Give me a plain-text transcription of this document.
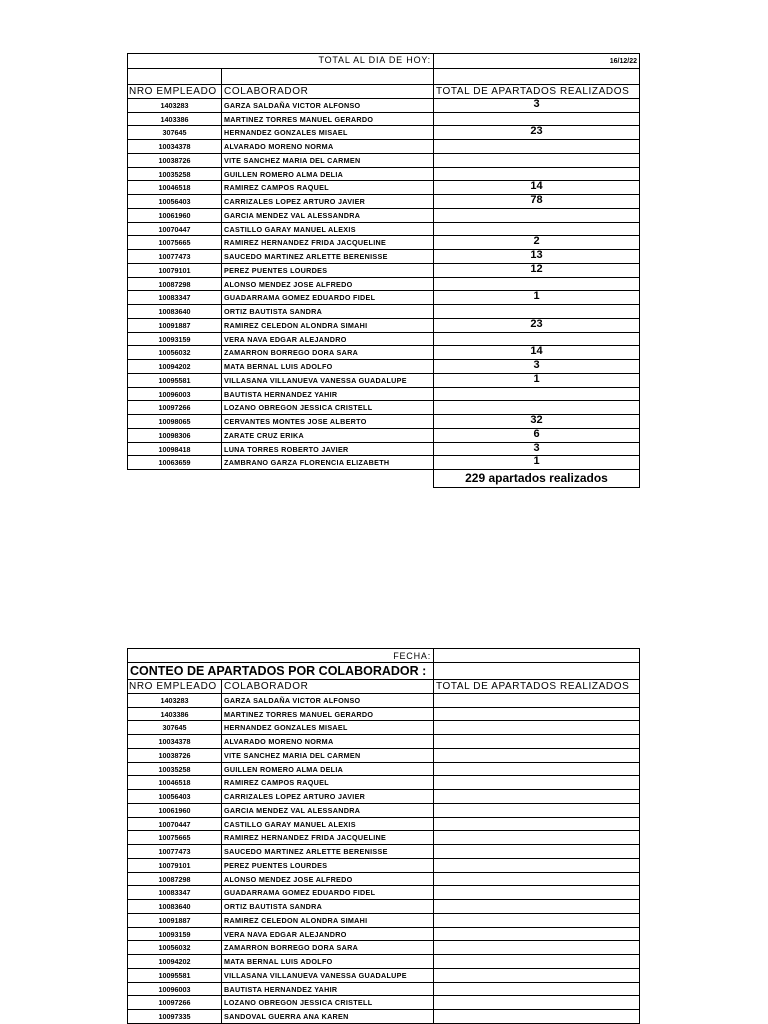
TOTAL AL DIA DE HOY:	16/12/22
NRO EMPLEADO COLABORADOR	TOTAL DE APARTADOS REALIZADOS
1403283	GARZA SALDAÑA VICTOR ALFONSO	3
1403386	MARTINEZ TORRES MANUEL GERARDO
307645	HERNANDEZ GONZALES MISAEL	23
10034378	ALVARADO MORENO NORMA
10038726	VITE SANCHEZ MARIA DEL CARMEN
10035258	GUILLEN ROMERO ALMA DELIA
10046518	RAMIREZ CAMPOS RAQUEL	14
10056403	CARRIZALES LOPEZ ARTURO JAVIER	78
10061960	GARCIA MENDEZ VAL ALESSANDRA
10070447	CASTILLO GARAY MANUEL ALEXIS
10075665	RAMIREZ HERNANDEZ FRIDA JACQUELINE	2
10077473	SAUCEDO MARTINEZ ARLETTE BERENISSE	13
10079101	PEREZ PUENTES LOURDES	12
10087298	ALONSO MENDEZ JOSE ALFREDO
10083347	GUADARRAMA GOMEZ EDUARDO FIDEL	1
10083640	ORTIZ BAUTISTA SANDRA
10091887	RAMIREZ CELEDON ALONDRA SIMAHI	23
10093159	VERA NAVA EDGAR ALEJANDRO
10056032	ZAMARRON BORREGO DORA SARA	14
10094202	MATA BERNAL LUIS ADOLFO	3
10095581	VILLASANA VILLANUEVA VANESSA GUADALUPE	1
10096003	BAUTISTA HERNANDEZ YAHIR
10097266	LOZANO OBREGON JESSICA CRISTELL
10098065	CERVANTES MONTES JOSE ALBERTO	32
10098306	ZARATE CRUZ ERIKA	6
10098418	LUNA TORRES ROBERTO JAVIER	3
10063659	ZAMBRANO GARZA FLORENCIA ELIZABETH	1
229 apartados realizados
FECHA:
CONTEO DE APARTADOS POR COLABORADOR :
NRO EMPLEADO COLABORADOR	TOTAL DE APARTADOS REALIZADOS
1403283	GARZA SALDAÑA VICTOR ALFONSO
1403386	MARTINEZ TORRES MANUEL GERARDO
307645	HERNANDEZ GONZALES MISAEL
10034378	ALVARADO MORENO NORMA
10038726	VITE SANCHEZ MARIA DEL CARMEN
10035258	GUILLEN ROMERO ALMA DELIA
10046518	RAMIREZ CAMPOS RAQUEL
10056403	CARRIZALES LOPEZ ARTURO JAVIER
10061960	GARCIA MENDEZ VAL ALESSANDRA
10070447	CASTILLO GARAY MANUEL ALEXIS
10075665	RAMIREZ HERNANDEZ FRIDA JACQUELINE
10077473	SAUCEDO MARTINEZ ARLETTE BERENISSE
10079101	PEREZ PUENTES LOURDES
10087298	ALONSO MENDEZ JOSE ALFREDO
10083347	GUADARRAMA GOMEZ EDUARDO FIDEL
10083640	ORTIZ BAUTISTA SANDRA
10091887	RAMIREZ CELEDON ALONDRA SIMAHI
10093159	VERA NAVA EDGAR ALEJANDRO
10056032	ZAMARRON BORREGO DORA SARA
10094202	MATA BERNAL LUIS ADOLFO
10095581	VILLASANA VILLANUEVA VANESSA GUADALUPE
10096003	BAUTISTA HERNANDEZ YAHIR
10097266	LOZANO OBREGON JESSICA CRISTELL
10097335	SANDOVAL GUERRA ANA KAREN
